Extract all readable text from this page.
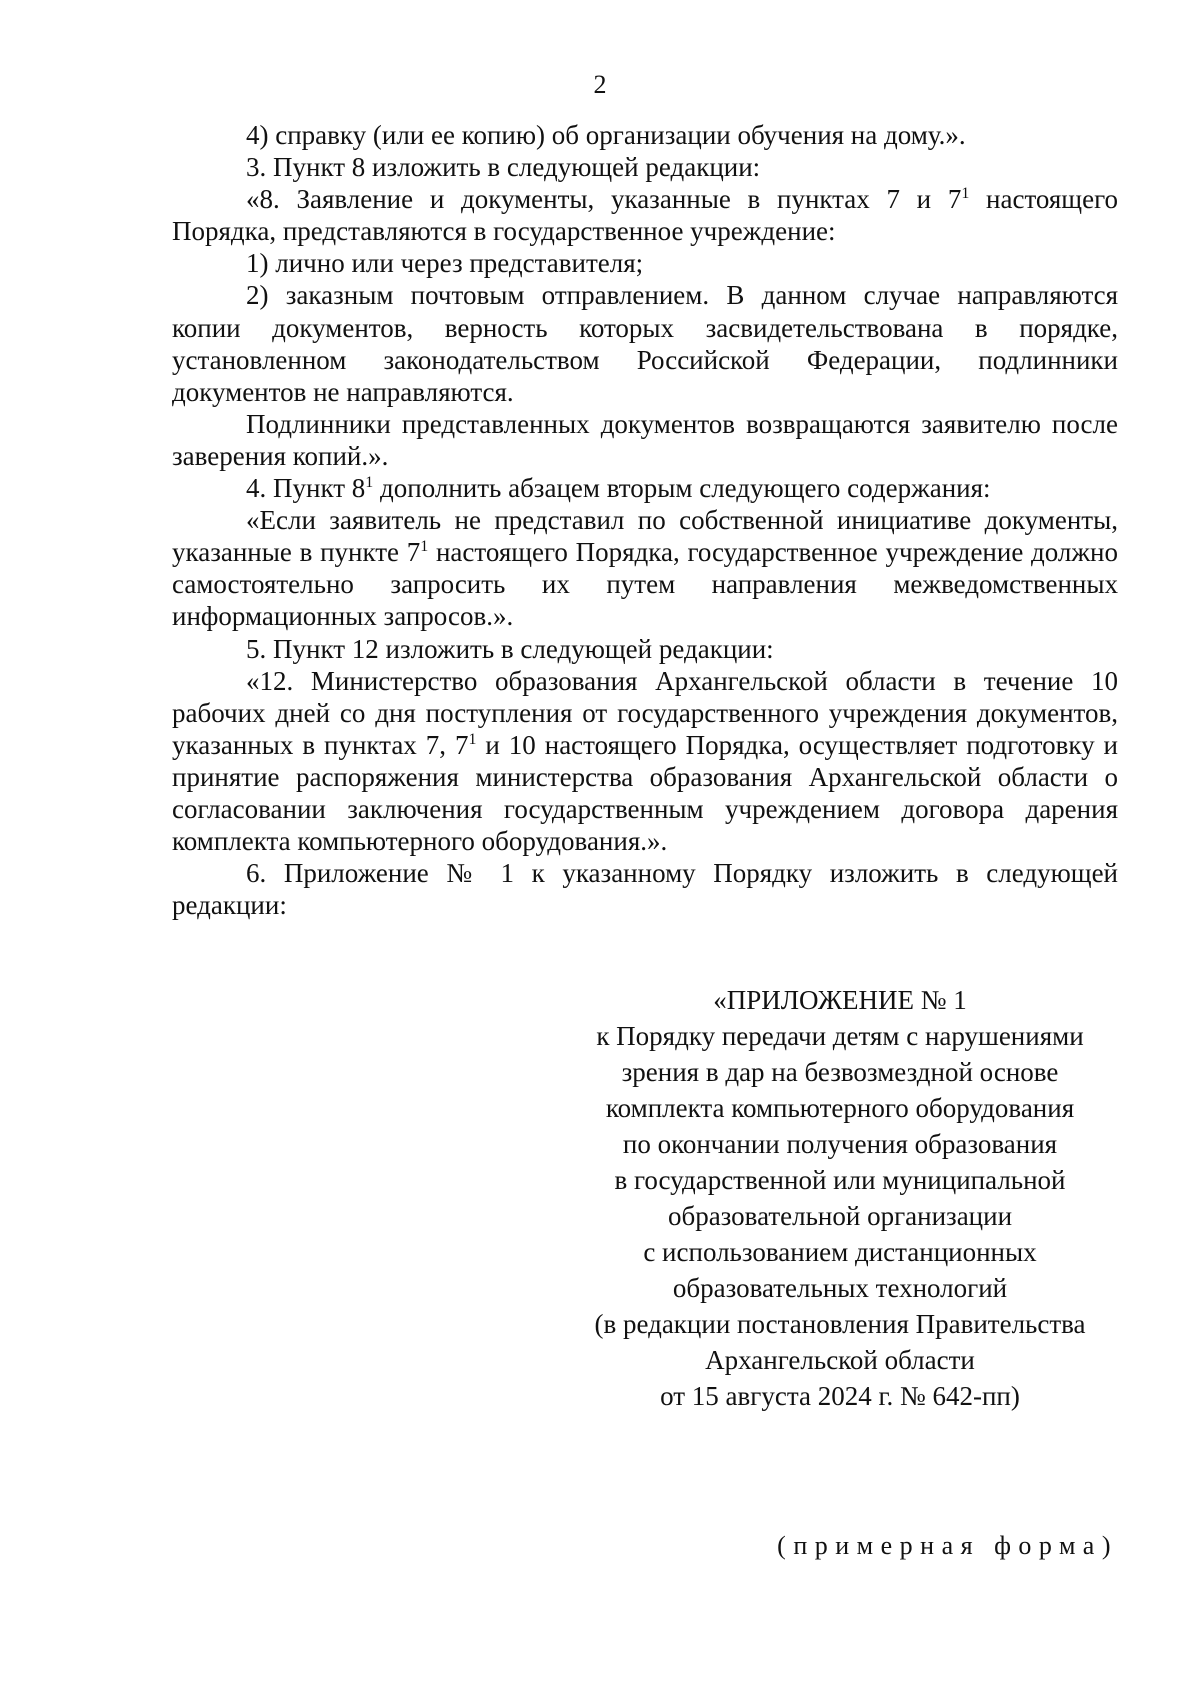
2

4) справку (или ее копию) об организации обучения на дому.».

3. Пункт 8 изложить в следующей редакции:

«8. Заявление и документы, указанные в пунктах 7 и $7^1$ настоящего Порядка, представляются в государственное учреждение:

1) лично или через представителя;

2) заказным почтовым отправлением. В данном случае направляются копии документов, верность которых засвидетельствована в порядке, установленном законодательством Российской Федерации, подлинники документов не направляются.

Подлинники представленных документов возвращаются заявителю после заверения копий.».

4. Пункт $8^1$ дополнить абзацем вторым следующего содержания:

«Если заявитель не представил по собственной инициативе документы, указанные в пункте $7^1$ настоящего Порядка, государственное учреждение должно самостоятельно запросить их путем направления межведомственных информационных запросов.».

5. Пункт 12 изложить в следующей редакции:

«12. Министерство образования Архангельской области в течение 10 рабочих дней со дня поступления от государственного учреждения документов, указанных в пунктах 7, $7^1$ и 10 настоящего Порядка, осуществляет подготовку и принятие распоряжения министерства образования Архангельской области о согласовании заключения государственным учреждением договора дарения комплекта компьютерного оборудования.».

6. Приложение № 1 к указанному Порядку изложить в следующей редакции:

«ПРИЛОЖЕНИЕ № 1
к Порядку передачи детям с нарушениями
зрения в дар на безвозмездной основе
комплекта компьютерного оборудования
по окончании получения образования
в государственной или муниципальной
образовательной организации
с использованием дистанционных
образовательных технологий
(в редакции постановления Правительства
Архангельской области
от 15 августа 2024 г. № 642-пп)
(примерная форма)
